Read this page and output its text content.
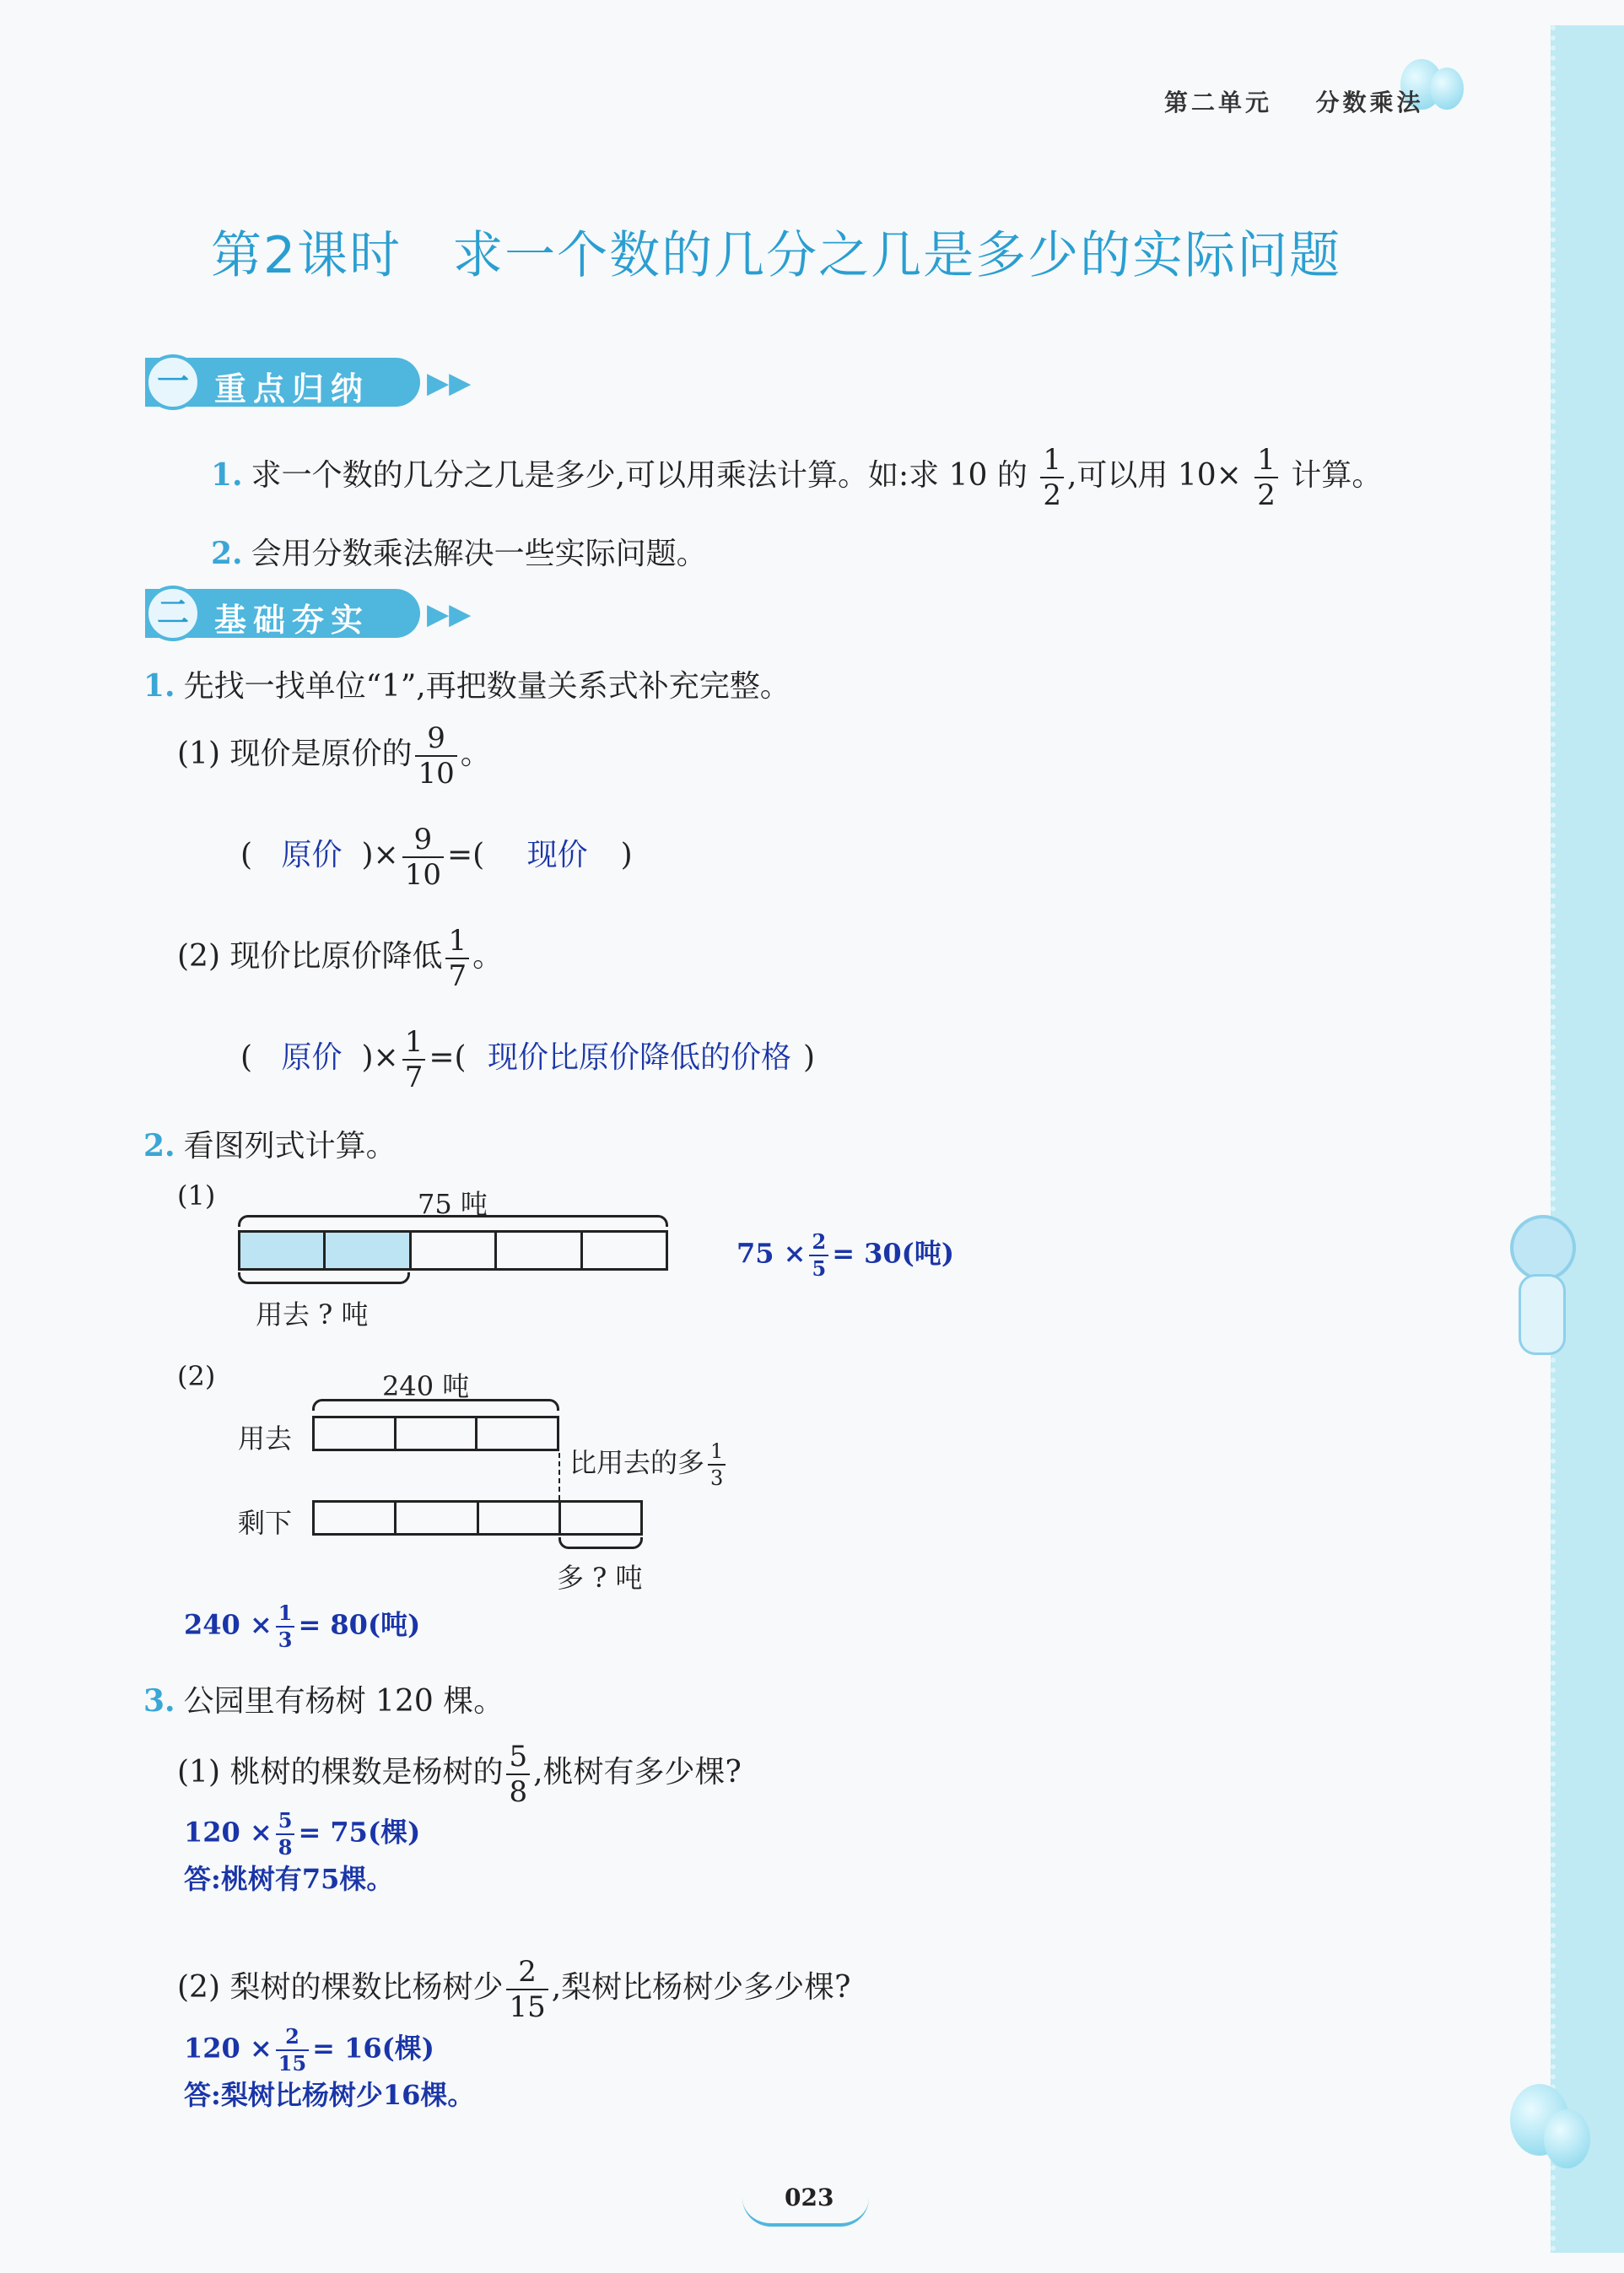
第二单元 分数乘法
第2课时 求一个数的几分之几是多少的实际问题
一 重点归纳 ▶▶
1. 求一个数的几分之几是多少,可以用乘法计算。如:求 10 的 $\frac{1}{2}$ ,可以用 $10\times \frac{1}{2}$ 计算。
2. 会用分数乘法解决一些实际问题。
二 基础夯实 ▶▶
1. 先找一找单位“1”,再把数量关系式补充完整。
(1) 现价是原价的 $\frac{9}{10}$ 。
( 原价 )× $\frac{9}{10}$ =( 现价 )
(2) 现价比原价降低 $\frac{1}{7}$ 。
( 原价 )× $\frac{1}{7}$ =( 现价比原价降低的价格 )
2. 看图列式计算。
(1)	75 吨
用去 ? 吨
$75 \times \frac{2}{5} = 30$(吨)
(2)	240 吨
用去
比用去的多 $\frac{1}{3}$
剩下
多 ? 吨
$240 \times \frac{1}{3} = 80$(吨)
3. 公园里有杨树 120 棵。
(1) 桃树的棵数是杨树的 $\frac{5}{8}$ ,桃树有多少棵?
$120 \times \frac{5}{8} = 75$(棵)
答:桃树有75棵。
(2) 梨树的棵数比杨树少 $\frac{2}{15}$ ,梨树比杨树少多少棵?
$120 \times \frac{2}{15} = 16$(棵)
答:梨树比杨树少16棵。
023
